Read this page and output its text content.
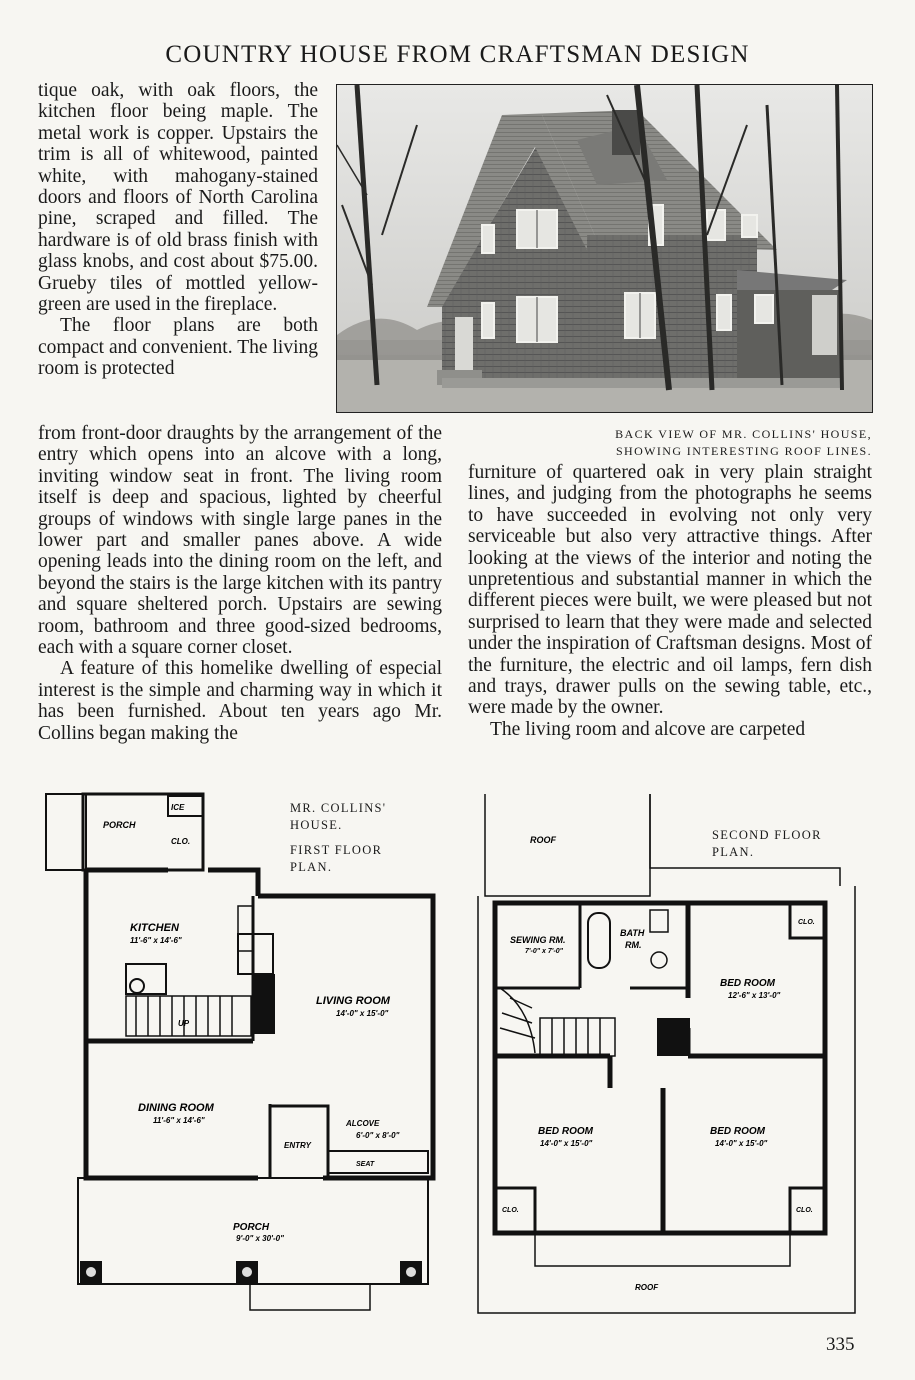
COUNTRY HOUSE FROM CRAFTSMAN DESIGN

tique oak, with oak floors, the kitchen floor being maple. The metal work is copper. Upstairs the trim is all of whitewood, painted white, with mahogany-stained doors and floors of North Carolina pine, scraped and filled. The hardware is of old brass finish with glass knobs, and cost about $75.00. Grueby tiles of mottled yellow-green are used in the fireplace.

The floor plans are both compact and convenient. The living room is protected

from front-door draughts by the arrangement of the entry which opens into an alcove with a long, inviting window seat in front. The living room itself is deep and spacious, lighted by cheerful groups of windows with single large panes in the lower part and smaller panes above. A wide opening leads into the dining room on the left, and beyond the stairs is the large kitchen with its pantry and square sheltered porch. Upstairs are sewing room, bathroom and three good-sized bedrooms, each with a square corner closet.

A feature of this homelike dwelling of especial interest is the simple and charming way in which it has been furnished. About ten years ago Mr. Collins began making the

BACK VIEW OF MR. COLLINS' HOUSE,
SHOWING INTERESTING ROOF LINES.

furniture of quartered oak in very plain straight lines, and judging from the photographs he seems to have succeeded in evolving not only very serviceable but also very attractive things. After looking at the views of the interior and noting the unpretentious and substantial manner in which the different pieces were built, we were pleased but not surprised to learn that they were made and selected under the inspiration of Craftsman designs. Most of the furniture, the electric and oil lamps, fern dish and trays, drawer pulls on the sewing table, etc., were made by the owner.

The living room and alcove are carpeted

MR. COLLINS'
HOUSE.
FIRST FLOOR
PLAN.
PORCH
ICE
CLO.
KITCHEN
11'-6" x 14'-6"
UP
LIVING ROOM
14'-0" x 15'-0"
DINING ROOM
11'-6" x 14'-6"	ALCOVE
6'-0" x 8'-0"
ENTRY
SEAT
PORCH
9'-0" x 30'-0"
SECOND FLOOR
PLAN.
ROOF
SEWING RM.
7'-0" x 7'-0"
BATH
RM.
CLO.
BED ROOM
12'-6" x 13'-0"
BED ROOM
14'-0" x 15'-0"
BED ROOM
14'-0" x 15'-0"
CLO.	CLO.
ROOF
335
